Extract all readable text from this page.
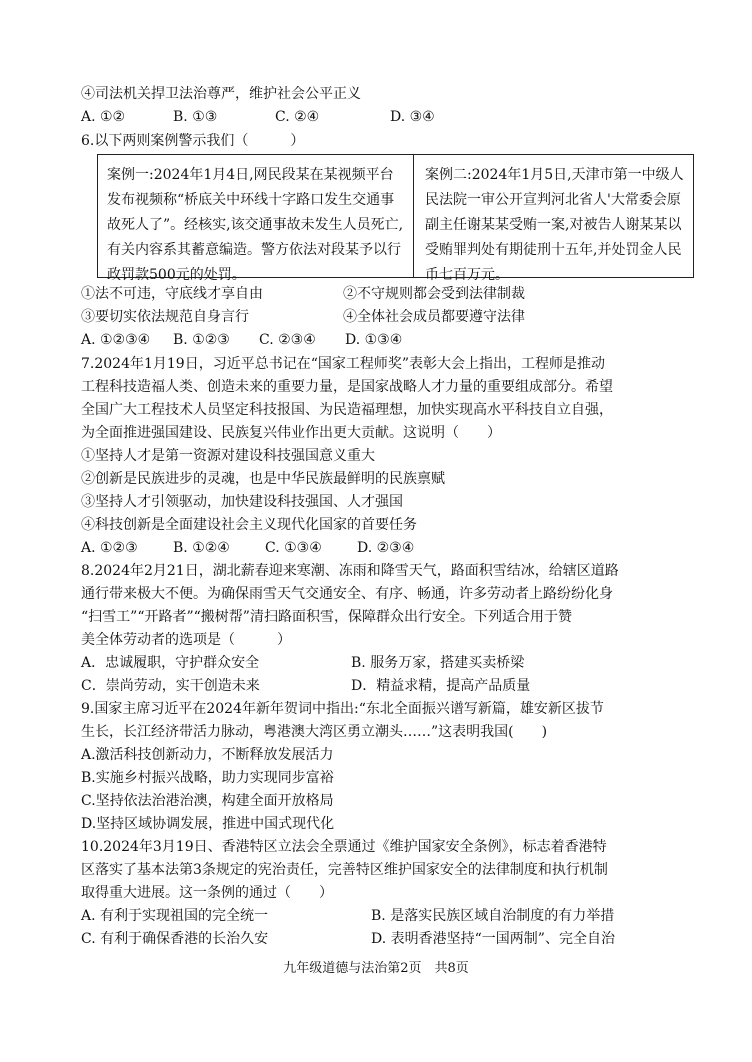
④司法机关捍卫法治尊严，维护社会公平正义
A. ①②	B. ①③	C. ②④	D. ③④
6.以下两则案例警示我们（　　　）
案例一:2024年1月4日,网民段某在某视频平台发布视频称“桥底关中环线十字路口发生交通事故死人了”。经核实,该交通事故未发生人员死亡,有关内容系其蓄意编造。警方依法对段某予以行政罚款500元的处罚。
案例二:2024年1月5日,天津市第一中级人民法院一审公开宣判河北省人'大常委会原副主任谢某某受贿一案,对被告人谢某某以受贿罪判处有期徒刑十五年,并处罚金人民币七百万元。
①法不可违，守底线才享自由	②不守规则都会受到法律制裁
③要切实依法规范自身言行	④全体社会成员都要遵守法律
A. ①②③④ B. ①②③ C. ②③④ D. ①③④
7.2024年1月19日，习近平总书记在“国家工程师奖”表彰大会上指出，工程师是推动
工程科技造福人类、创造未来的重要力量，是国家战略人才力量的重要组成部分。希望
全国广大工程技术人员坚定科技报国、为民造福理想，加快实现高水平科技自立自强，
为全面推进强国建设、民族复兴伟业作出更大贡献。这说明（　　）
①坚持人才是第一资源对建设科技强国意义重大
②创新是民族进步的灵魂，也是中华民族最鲜明的民族禀赋
③坚持人才引领驱动，加快建设科技强国、人才强国
④科技创新是全面建设社会主义现代化国家的首要任务
A. ①②③	B. ①②④	C. ①③④	D. ②③④
8.2024年2月21日，湖北薪春迎来寒潮、冻雨和降雪天气，路面积雪结冰，给辖区道路
通行带来极大不便。为确保雨雪天气交通安全、有序、畅通，许多劳动者上路纷纷化身
“扫雪工”“开路者”“搬树帮”清扫路面积雪，保障群众出行安全。下列适合用于赞
美全体劳动者的选项是（　　　）
A．忠诚履职，守护群众安全	B. 服务万家，搭建买卖桥梁
C．崇尚劳动，实干创造未来	D．精益求精，提高产品质量
9.国家主席习近平在2024年新年贺词中指出:“东北全面振兴谱写新篇，雄安新区拔节
生长，长江经济带活力脉动，粤港澳大湾区勇立潮头……”这表明我国(　　)
A.激活科技创新动力，不断释放发展活力
B.实施乡村振兴战略，助力实现同步富裕
C.坚持依法治港治澳，构建全面开放格局
D.坚持区域协调发展，推进中国式现代化
10.2024年3月19日、香港特区立法会全票通过《维护国家安全条例》，标志着香港特
区落实了基本法第3条规定的宪治责任，完善特区维护国家安全的法律制度和执行机制
取得重大进展。这一条例的通过（　　）
A. 有利于实现祖国的完全统一	B. 是落实民族区域自治制度的有力举措
C. 有利于确保香港的长治久安	D. 表明香港坚持“一国两制”、完全自治
九年级道德与法治第2页　共8页
